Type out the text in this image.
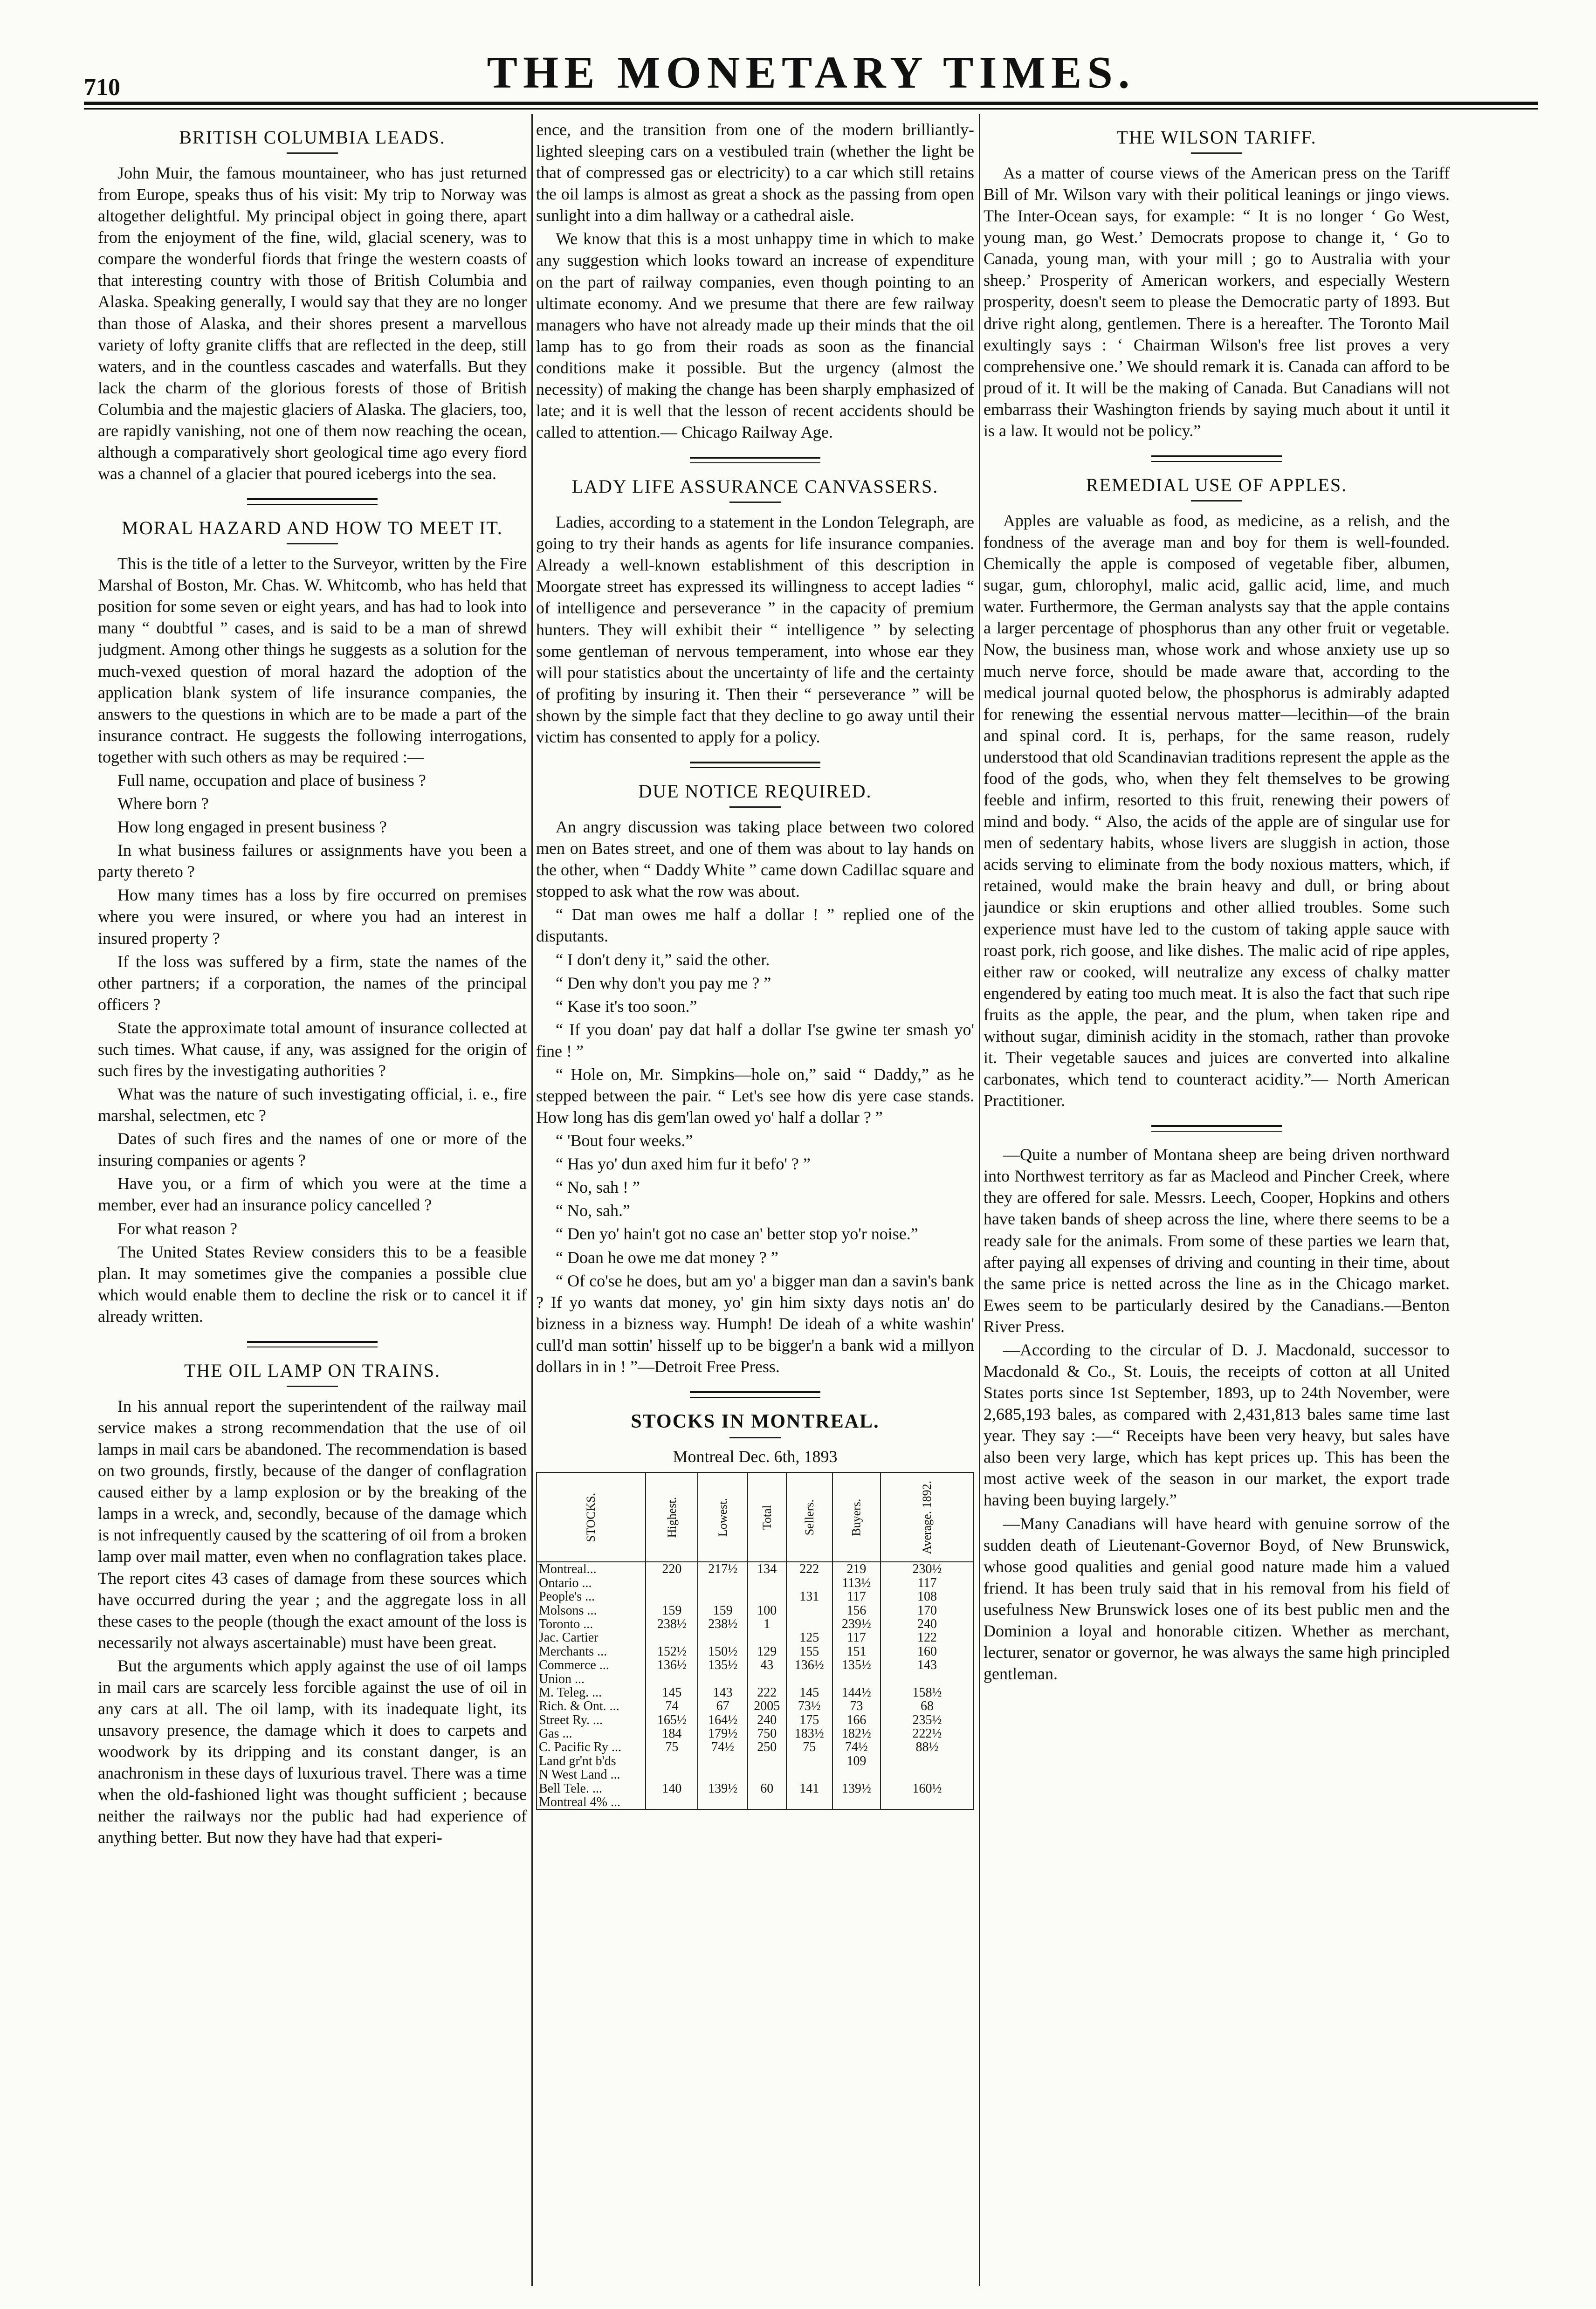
710	THE MONETARY TIMES.
BRITISH COLUMBIA LEADS.

John Muir, the famous mountaineer, who has just returned from Europe, speaks thus of his visit: My trip to Norway was altogether delightful. My principal object in going there, apart from the enjoyment of the fine, wild, glacial scenery, was to compare the wonderful fiords that fringe the western coasts of that interesting country with those of British Columbia and Alaska. Speaking generally, I would say that they are no longer than those of Alaska, and their shores present a marvellous variety of lofty granite cliffs that are reflected in the deep, still waters, and in the countless cascades and waterfalls. But they lack the charm of the glorious forests of those of British Columbia and the majestic glaciers of Alaska. The glaciers, too, are rapidly vanishing, not one of them now reaching the ocean, although a comparatively short geological time ago every fiord was a channel of a glacier that poured icebergs into the sea.

MORAL HAZARD AND HOW TO MEET IT.

This is the title of a letter to the Surveyor, written by the Fire Marshal of Boston, Mr. Chas. W. Whitcomb, who has held that position for some seven or eight years, and has had to look into many “ doubtful ” cases, and is said to be a man of shrewd judgment. Among other things he suggests as a solution for the much-vexed question of moral hazard the adoption of the application blank system of life insurance companies, the answers to the questions in which are to be made a part of the insurance contract. He suggests the following interrogations, together with such others as may be required :—

Full name, occupation and place of business ?

Where born ?

How long engaged in present business ?

In what business failures or assignments have you been a party thereto ?

How many times has a loss by fire occurred on premises where you were insured, or where you had an interest in insured property ?

If the loss was suffered by a firm, state the names of the other partners; if a corporation, the names of the principal officers ?

State the approximate total amount of insurance collected at such times. What cause, if any, was assigned for the origin of such fires by the investigating authorities ?

What was the nature of such investigating official, i. e., fire marshal, selectmen, etc ?

Dates of such fires and the names of one or more of the insuring companies or agents ?

Have you, or a firm of which you were at the time a member, ever had an insurance policy cancelled ?

For what reason ?

The United States Review considers this to be a feasible plan. It may sometimes give the companies a possible clue which would enable them to decline the risk or to cancel it if already written.

THE OIL LAMP ON TRAINS.

In his annual report the superintendent of the railway mail service makes a strong recommendation that the use of oil lamps in mail cars be abandoned. The recommendation is based on two grounds, firstly, because of the danger of conflagration caused either by a lamp explosion or by the breaking of the lamps in a wreck, and, secondly, because of the damage which is not infrequently caused by the scattering of oil from a broken lamp over mail matter, even when no conflagration takes place. The report cites 43 cases of damage from these sources which have occurred during the year ; and the aggregate loss in all these cases to the people (though the exact amount of the loss is necessarily not always ascertainable) must have been great.

But the arguments which apply against the use of oil lamps in mail cars are scarcely less forcible against the use of oil in any cars at all. The oil lamp, with its inadequate light, its unsavory presence, the damage which it does to carpets and woodwork by its dripping and its constant danger, is an anachronism in these days of luxurious travel. There was a time when the old-fashioned light was thought sufficient ; because neither the railways nor the public had had experience of anything better. But now they have had that experi-

ence, and the transition from one of the modern brilliantly-lighted sleeping cars on a vestibuled train (whether the light be that of compressed gas or electricity) to a car which still retains the oil lamps is almost as great a shock as the passing from open sunlight into a dim hallway or a cathedral aisle.

We know that this is a most unhappy time in which to make any suggestion which looks toward an increase of expenditure on the part of railway companies, even though pointing to an ultimate economy. And we presume that there are few railway managers who have not already made up their minds that the oil lamp has to go from their roads as soon as the financial conditions make it possible. But the urgency (almost the necessity) of making the change has been sharply emphasized of late; and it is well that the lesson of recent accidents should be called to attention.— Chicago Railway Age.

LADY LIFE ASSURANCE CANVASSERS.

Ladies, according to a statement in the London Telegraph, are going to try their hands as agents for life insurance companies. Already a well-known establishment of this description in Moorgate street has expressed its willingness to accept ladies “ of intelligence and perseverance ” in the capacity of premium hunters. They will exhibit their “ intelligence ” by selecting some gentleman of nervous temperament, into whose ear they will pour statistics about the uncertainty of life and the certainty of profiting by insuring it. Then their “ perseverance ” will be shown by the simple fact that they decline to go away until their victim has consented to apply for a policy.

DUE NOTICE REQUIRED.

An angry discussion was taking place between two colored men on Bates street, and one of them was about to lay hands on the other, when “ Daddy White ” came down Cadillac square and stopped to ask what the row was about.

“ Dat man owes me half a dollar ! ” replied one of the disputants.

“ I don't deny it,” said the other.

“ Den why don't you pay me ? ”

“ Kase it's too soon.”

“ If you doan' pay dat half a dollar I'se gwine ter smash yo' fine ! ”

“ Hole on, Mr. Simpkins—hole on,” said “ Daddy,” as he stepped between the pair. “ Let's see how dis yere case stands. How long has dis gem'lan owed yo' half a dollar ? ”

“ 'Bout four weeks.”

“ Has yo' dun axed him fur it befo' ? ”

“ No, sah ! ”

“ No, sah.”

“ Den yo' hain't got no case an' better stop yo'r noise.”

“ Doan he owe me dat money ? ”

“ Of co'se he does, but am yo' a bigger man dan a savin's bank ? If yo wants dat money, yo' gin him sixty days notis an' do bizness in a bizness way. Humph! De ideah of a white washin' cull'd man sottin' hisself up to be bigger'n a bank wid a millyon dollars in in ! ”—Detroit Free Press.

STOCKS IN MONTREAL.
Montreal Dec. 6th, 1893
STOCKS.	Highest.	Lowest.	Total	Sellers.	Buyers.	Average. 1892.
Montreal...	220	217½	134	222	219	230½
Ontario ...					113½	117
People's ...				131	117	108
Molsons ...	159	159	100		156	170
Toronto ...	238½	238½	1		239½	240
Jac. Cartier				125	117	122
Merchants ...	152½	150½	129	155	151	160
Commerce ...	136½	135½	43	136½	135½	143
Union ...						
M. Teleg. ...	145	143	222	145	144½	158½
Rich. & Ont. ...	74	67	2005	73½	73	68
Street Ry. ...	165½	164½	240	175	166	235½
Gas ...	184	179½	750	183½	182½	222½
C. Pacific Ry ...	75	74½	250	75	74½	88½
Land gr'nt b'ds					109	
N West Land ...						
Bell Tele. ...	140	139½	60	141	139½	160½
Montreal 4% ...						
THE WILSON TARIFF.

As a matter of course views of the American press on the Tariff Bill of Mr. Wilson vary with their political leanings or jingo views. The Inter-Ocean says, for example: “ It is no longer ‘ Go West, young man, go West.’ Democrats propose to change it, ‘ Go to Canada, young man, with your mill ; go to Australia with your sheep.’ Prosperity of American workers, and especially Western prosperity, doesn't seem to please the Democratic party of 1893. But drive right along, gentlemen. There is a hereafter. The Toronto Mail exultingly says : ‘ Chairman Wilson's free list proves a very comprehensive one.’ We should remark it is. Canada can afford to be proud of it. It will be the making of Canada. But Canadians will not embarrass their Washington friends by saying much about it until it is a law. It would not be policy.”

REMEDIAL USE OF APPLES.

Apples are valuable as food, as medicine, as a relish, and the fondness of the average man and boy for them is well-founded. Chemically the apple is composed of vegetable fiber, albumen, sugar, gum, chlorophyl, malic acid, gallic acid, lime, and much water. Furthermore, the German analysts say that the apple contains a larger percentage of phosphorus than any other fruit or vegetable. Now, the business man, whose work and whose anxiety use up so much nerve force, should be made aware that, according to the medical journal quoted below, the phosphorus is admirably adapted for renewing the essential nervous matter—lecithin—of the brain and spinal cord. It is, perhaps, for the same reason, rudely understood that old Scandinavian traditions represent the apple as the food of the gods, who, when they felt themselves to be growing feeble and infirm, resorted to this fruit, renewing their powers of mind and body. “ Also, the acids of the apple are of singular use for men of sedentary habits, whose livers are sluggish in action, those acids serving to eliminate from the body noxious matters, which, if retained, would make the brain heavy and dull, or bring about jaundice or skin eruptions and other allied troubles. Some such experience must have led to the custom of taking apple sauce with roast pork, rich goose, and like dishes. The malic acid of ripe apples, either raw or cooked, will neutralize any excess of chalky matter engendered by eating too much meat. It is also the fact that such ripe fruits as the apple, the pear, and the plum, when taken ripe and without sugar, diminish acidity in the stomach, rather than provoke it. Their vegetable sauces and juices are converted into alkaline carbonates, which tend to counteract acidity.”— North American Practitioner.

—Quite a number of Montana sheep are being driven northward into Northwest territory as far as Macleod and Pincher Creek, where they are offered for sale. Messrs. Leech, Cooper, Hopkins and others have taken bands of sheep across the line, where there seems to be a ready sale for the animals. From some of these parties we learn that, after paying all expenses of driving and counting in their time, about the same price is netted across the line as in the Chicago market. Ewes seem to be particularly desired by the Canadians.—Benton River Press.

—According to the circular of D. J. Macdonald, successor to Macdonald & Co., St. Louis, the receipts of cotton at all United States ports since 1st September, 1893, up to 24th November, were 2,685,193 bales, as compared with 2,431,813 bales same time last year. They say :—“ Receipts have been very heavy, but sales have also been very large, which has kept prices up. This has been the most active week of the season in our market, the export trade having been buying largely.”

—Many Canadians will have heard with genuine sorrow of the sudden death of Lieutenant-Governor Boyd, of New Brunswick, whose good qualities and genial good nature made him a valued friend. It has been truly said that in his removal from his field of usefulness New Brunswick loses one of its best public men and the Dominion a loyal and honorable citizen. Whether as merchant, lecturer, senator or governor, he was always the same high principled gentleman.
